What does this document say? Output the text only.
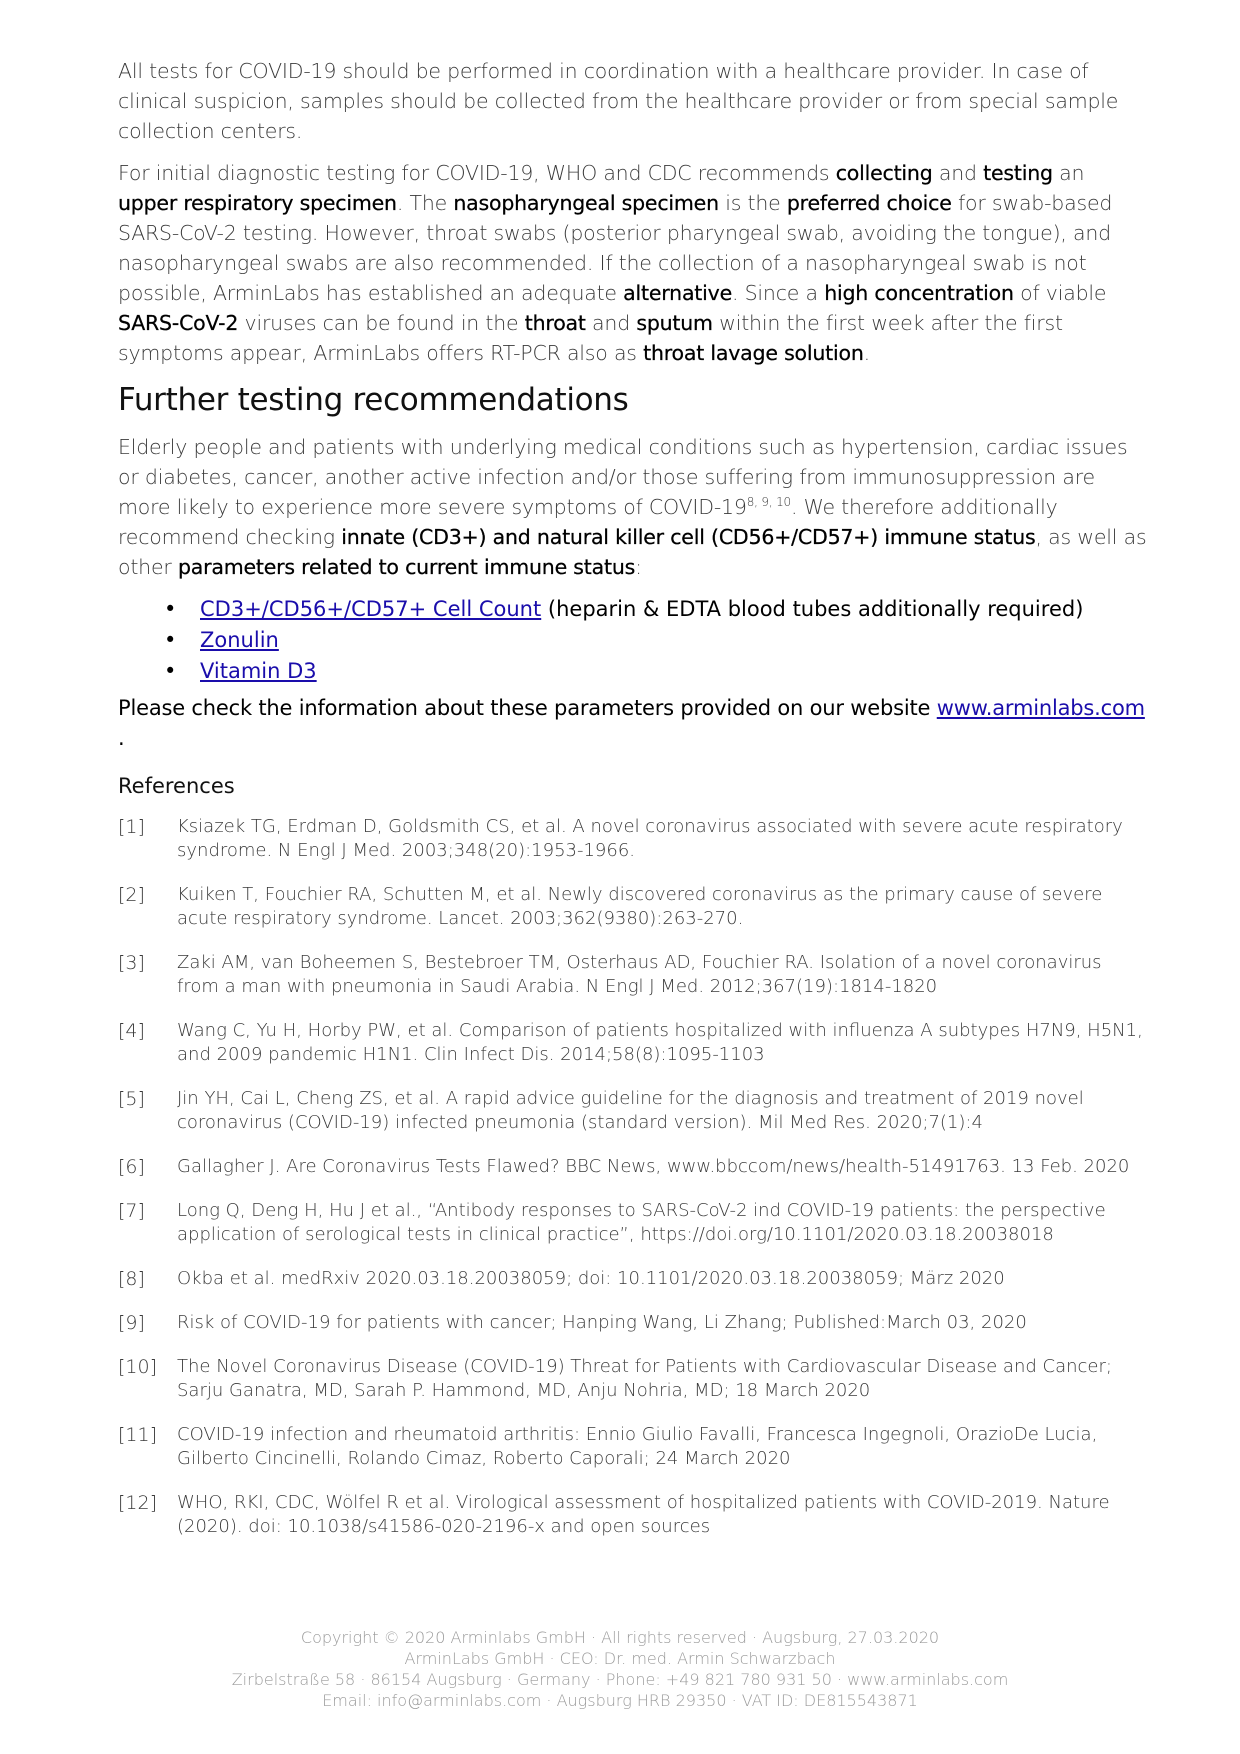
All tests for COVID-19 should be performed in coordination with a healthcare provider. In case of clinical suspicion, samples should be collected from the healthcare provider or from special sample collection centers.

For initial diagnostic testing for COVID-19, WHO and CDC recommends collecting and testing an upper respiratory specimen. The nasopharyngeal specimen is the preferred choice for swab-based SARS-CoV-2 testing. However, throat swabs (posterior pharyngeal swab, avoiding the tongue), and nasopharyngeal swabs are also recommended. If the collection of a nasopharyngeal swab is not possible, ArminLabs has established an adequate alternative. Since a high concentration of viable SARS-CoV-2 viruses can be found in the throat and sputum within the first week after the first symptoms appear, ArminLabs offers RT-PCR also as throat lavage solution.

Further testing recommendations

Elderly people and patients with underlying medical conditions such as hypertension, cardiac issues or diabetes, cancer, another active infection and/or those suffering from immunosuppression are more likely to experience more severe symptoms of COVID-19$^{8, 9, 10}$. We therefore additionally recommend checking innate (CD3+) and natural killer cell (CD56+/CD57+) immune status, as well as other parameters related to current immune status:

• CD3+/CD56+/CD57+ Cell Count (heparin & EDTA blood tubes additionally required)
• Zonulin
• Vitamin D3

Please check the information about these parameters provided on our website www.arminlabs.com .

References
[1] Ksiazek TG, Erdman D, Goldsmith CS, et al. A novel coronavirus associated with severe acute respiratory syndrome. N Engl J Med. 2003;348(20):1953-1966.
[2] Kuiken T, Fouchier RA, Schutten M, et al. Newly discovered coronavirus as the primary cause of severe acute respiratory syndrome. Lancet. 2003;362(9380):263-270.
[3] Zaki AM, van Boheemen S, Bestebroer TM, Osterhaus AD, Fouchier RA. Isolation of a novel coronavirus from a man with pneumonia in Saudi Arabia. N Engl J Med. 2012;367(19):1814-1820
[4] Wang C, Yu H, Horby PW, et al. Comparison of patients hospitalized with influenza A subtypes H7N9, H5N1, and 2009 pandemic H1N1. Clin Infect Dis. 2014;58(8):1095-1103
[5] Jin YH, Cai L, Cheng ZS, et al. A rapid advice guideline for the diagnosis and treatment of 2019 novel coronavirus (COVID-19) infected pneumonia (standard version). Mil Med Res. 2020;7(1):4
[6] Gallagher J. Are Coronavirus Tests Flawed? BBC News, www.bbccom/news/health-51491763. 13 Feb. 2020
[7] Long Q, Deng H, Hu J et al., “Antibody responses to SARS-CoV-2 ind COVID-19 patients: the perspective application of serological tests in clinical practice”, https://doi.org/10.1101/2020.03.18.20038018
[8] Okba et al. medRxiv 2020.03.18.20038059; doi: 10.1101/2020.03.18.20038059; März 2020
[9] Risk of COVID-19 for patients with cancer; Hanping Wang, Li Zhang; Published:March 03, 2020
[10] The Novel Coronavirus Disease (COVID-19) Threat for Patients with Cardiovascular Disease and Cancer; Sarju Ganatra, MD, Sarah P. Hammond, MD, Anju Nohria, MD; 18 March 2020
[11] COVID-19 infection and rheumatoid arthritis: Ennio Giulio Favalli, Francesca Ingegnoli, OrazioDe Lucia, Gilberto Cincinelli, Rolando Cimaz, Roberto Caporali; 24 March 2020
[12] WHO, RKI, CDC, Wölfel R et al. Virological assessment of hospitalized patients with COVID-2019. Nature (2020). doi: 10.1038/s41586-020-2196-x and open sources
Copyright © 2020 Arminlabs GmbH · All rights reserved · Augsburg, 27.03.2020
ArminLabs GmbH · CEO: Dr. med. Armin Schwarzbach
Zirbelstraße 58 · 86154 Augsburg · Germany · Phone: +49 821 780 931 50 · www.arminlabs.com
Email: info@arminlabs.com · Augsburg HRB 29350 · VAT ID: DE815543871
